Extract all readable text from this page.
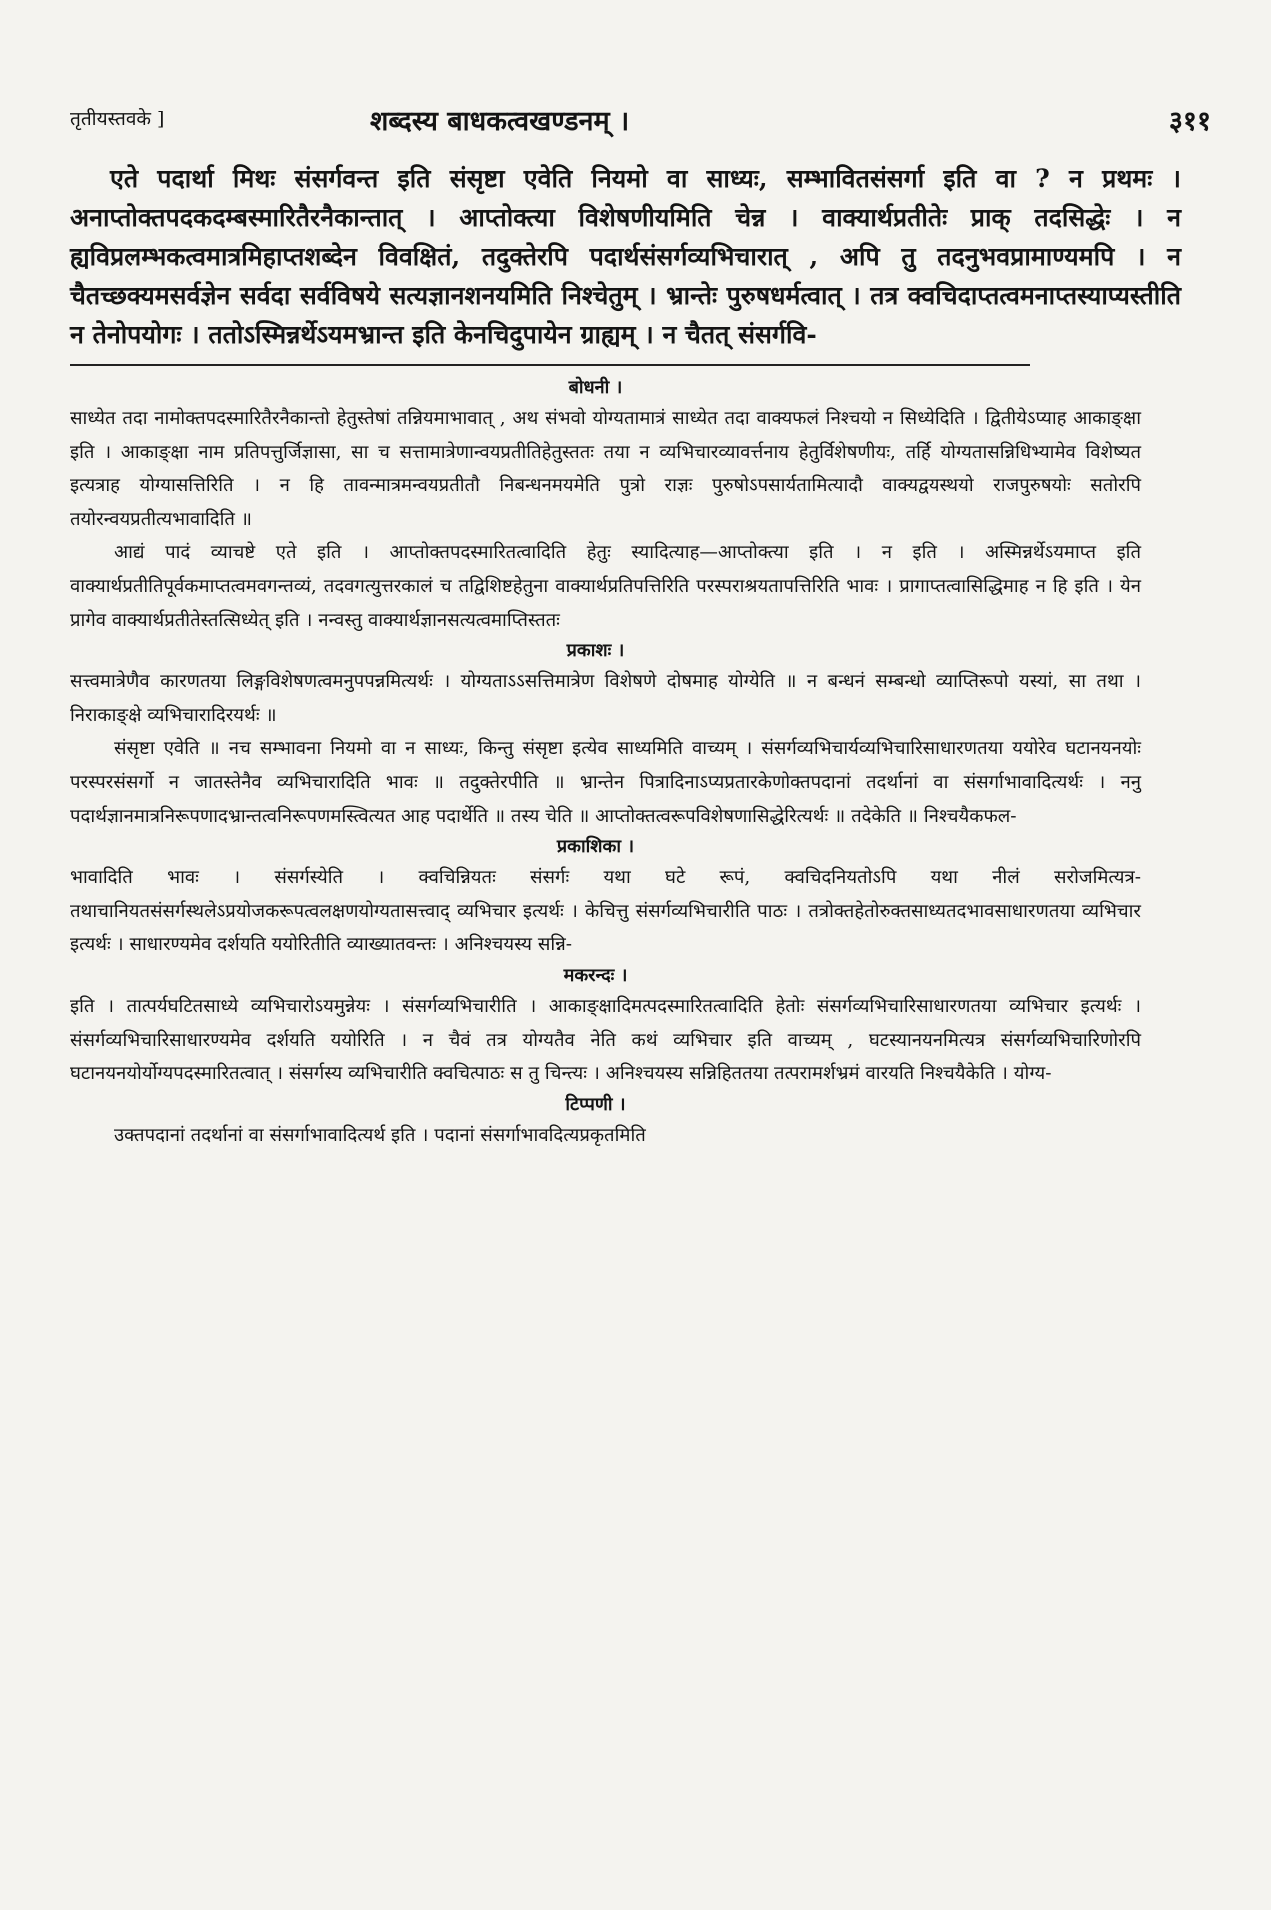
तृतीयस्तवके ]	शब्दस्य बाधकत्वखण्डनम् ।	३११
एते पदार्था मिथः संसर्गवन्त इति संसृष्टा एवेति नियमो वा साध्यः, सम्भावितसंसर्गा इति वा ? न प्रथमः । अनाप्तोक्तपदकदम्बस्मारितैरनैकान्तात् । आप्तोक्त्या विशेषणीयमिति चेन्न । वाक्यार्थप्रतीतेः प्राक् तदसिद्धेः । न ह्यविप्रलम्भकत्वमात्रमिहाप्तशब्देन विवक्षितं, तदुक्तेरपि पदार्थसंसर्गव्यभिचारात् , अपि तु तदनुभवप्रामाण्यमपि । न चैतच्छक्यमसर्वज्ञेन सर्वदा सर्वविषये सत्यज्ञानशनयमिति निश्चेतुम् । भ्रान्तेः पुरुषधर्मत्वात् । तत्र क्वचिदाप्तत्वमनाप्तस्याप्यस्तीति न तेनोपयोगः । ततोऽस्मिन्नर्थेऽयमभ्रान्त इति केनचिदुपायेन ग्राह्यम् । न चैतत् संसर्गवि-
बोधनी ।

साध्येत तदा नामोक्तपदस्मारितैरनैकान्तो हेतुस्तेषां तन्नियमाभावात् , अथ संभवो योग्यतामात्रं साध्येत तदा वाक्यफलं निश्चयो न सिध्येदिति । द्वितीयेऽप्याह आकाङ्क्षा इति । आकाङ्क्षा नाम प्रतिपत्तुर्जिज्ञासा, सा च सत्तामात्रेणान्वयप्रतीतिहेतुस्ततः तया न व्यभिचारव्यावर्त्तनाय हेतुर्विशेषणीयः, तर्हि योग्यतासन्निधिभ्यामेव विशेष्यत इत्यत्राह योग्यासत्तिरिति । न हि तावन्मात्रमन्वयप्रतीतौ निबन्धनमयमेति पुत्रो राज्ञः पुरुषोऽपसार्यतामित्यादौ वाक्यद्वयस्थयो राजपुरुषयोः सतोरपि तयोरन्वयप्रतीत्यभावादिति ॥

आद्यं पादं व्याचष्टे एते इति । आप्तोक्तपदस्मारितत्वादिति हेतुः स्यादित्याह—आप्तोक्त्या इति । न इति । अस्मिन्नर्थेऽयमाप्त इति वाक्यार्थप्रतीतिपूर्वकमाप्तत्वमवगन्तव्यं, तदवगत्युत्तरकालं च तद्विशिष्टहेतुना वाक्यार्थप्रतिपत्तिरिति परस्पराश्रयतापत्तिरिति भावः । प्रागाप्तत्वासिद्धिमाह न हि इति । येन प्रागेव वाक्यार्थप्रतीतेस्तत्सिध्येत् इति । नन्वस्तु वाक्यार्थज्ञानसत्यत्वमाप्तिस्ततः

प्रकाशः ।

सत्त्वमात्रेणैव कारणतया लिङ्गविशेषणत्वमनुपपन्नमित्यर्थः । योग्यताऽऽसत्तिमात्रेण विशेषणे दोषमाह योग्येति ॥ न बन्धनं सम्बन्धो व्याप्तिरूपो यस्यां, सा तथा । निराकाङ्क्षे व्यभिचारादिरयर्थः ॥

संसृष्टा एवेति ॥ नच सम्भावना नियमो वा न साध्यः, किन्तु संसृष्टा इत्येव साध्यमिति वाच्यम् । संसर्गव्यभिचार्यव्यभिचारिसाधारणतया ययोरेव घटानयनयोः परस्परसंसर्गो न जातस्तेनैव व्यभिचारादिति भावः ॥ तदुक्तेरपीति ॥ भ्रान्तेन पित्रादिनाऽप्यप्रतारकेणोक्तपदानां तदर्थानां वा संसर्गाभावादित्यर्थः । ननु पदार्थज्ञानमात्रनिरूपणादभ्रान्तत्वनिरूपणमस्त्वित्यत आह पदार्थेति ॥ तस्य चेति ॥ आप्तोक्तत्वरूपविशेषणासिद्धेरित्यर्थः ॥ तदेकेति ॥ निश्चयैकफल-

प्रकाशिका ।

भावादिति भावः । संसर्गस्येति । क्वचिन्नियतः संसर्गः यथा घटे रूपं, क्वचिदनियतोऽपि यथा नीलं सरोजमित्यत्र- तथाचानियतसंसर्गस्थलेऽप्रयोजकरूपत्वलक्षणयोग्यतासत्त्वाद् व्यभिचार इत्यर्थः । केचित्तु संसर्गव्यभिचारीति पाठः । तत्रोक्तहेतोरुक्तसाध्यतदभावसाधारणतया व्यभिचार इत्यर्थः । साधारण्यमेव दर्शयति ययोरितीति व्याख्यातवन्तः । अनिश्चयस्य सन्नि-

मकरन्दः ।

इति । तात्पर्यघटितसाध्ये व्यभिचारोऽयमुन्नेयः । संसर्गव्यभिचारीति । आकाङ्क्षादिमत्पदस्मारितत्वादिति हेतोः संसर्गव्यभिचारिसाधारणतया व्यभिचार इत्यर्थः । संसर्गव्यभिचारिसाधारण्यमेव दर्शयति ययोरिति । न चैवं तत्र योग्यतैव नेति कथं व्यभिचार इति वाच्यम् , घटस्यानयनमित्यत्र संसर्गव्यभिचारिणोरपि घटानयनयोर्योग्यपदस्मारितत्वात् । संसर्गस्य व्यभिचारीति क्वचित्पाठः स तु चिन्त्यः । अनिश्चयस्य सन्निहिततया तत्परामर्शभ्रमं वारयति निश्चयैकेति । योग्य-

टिप्पणी ।

उक्तपदानां तदर्थानां वा संसर्गाभावादित्यर्थ इति । पदानां संसर्गाभावदित्यप्रकृतमिति
